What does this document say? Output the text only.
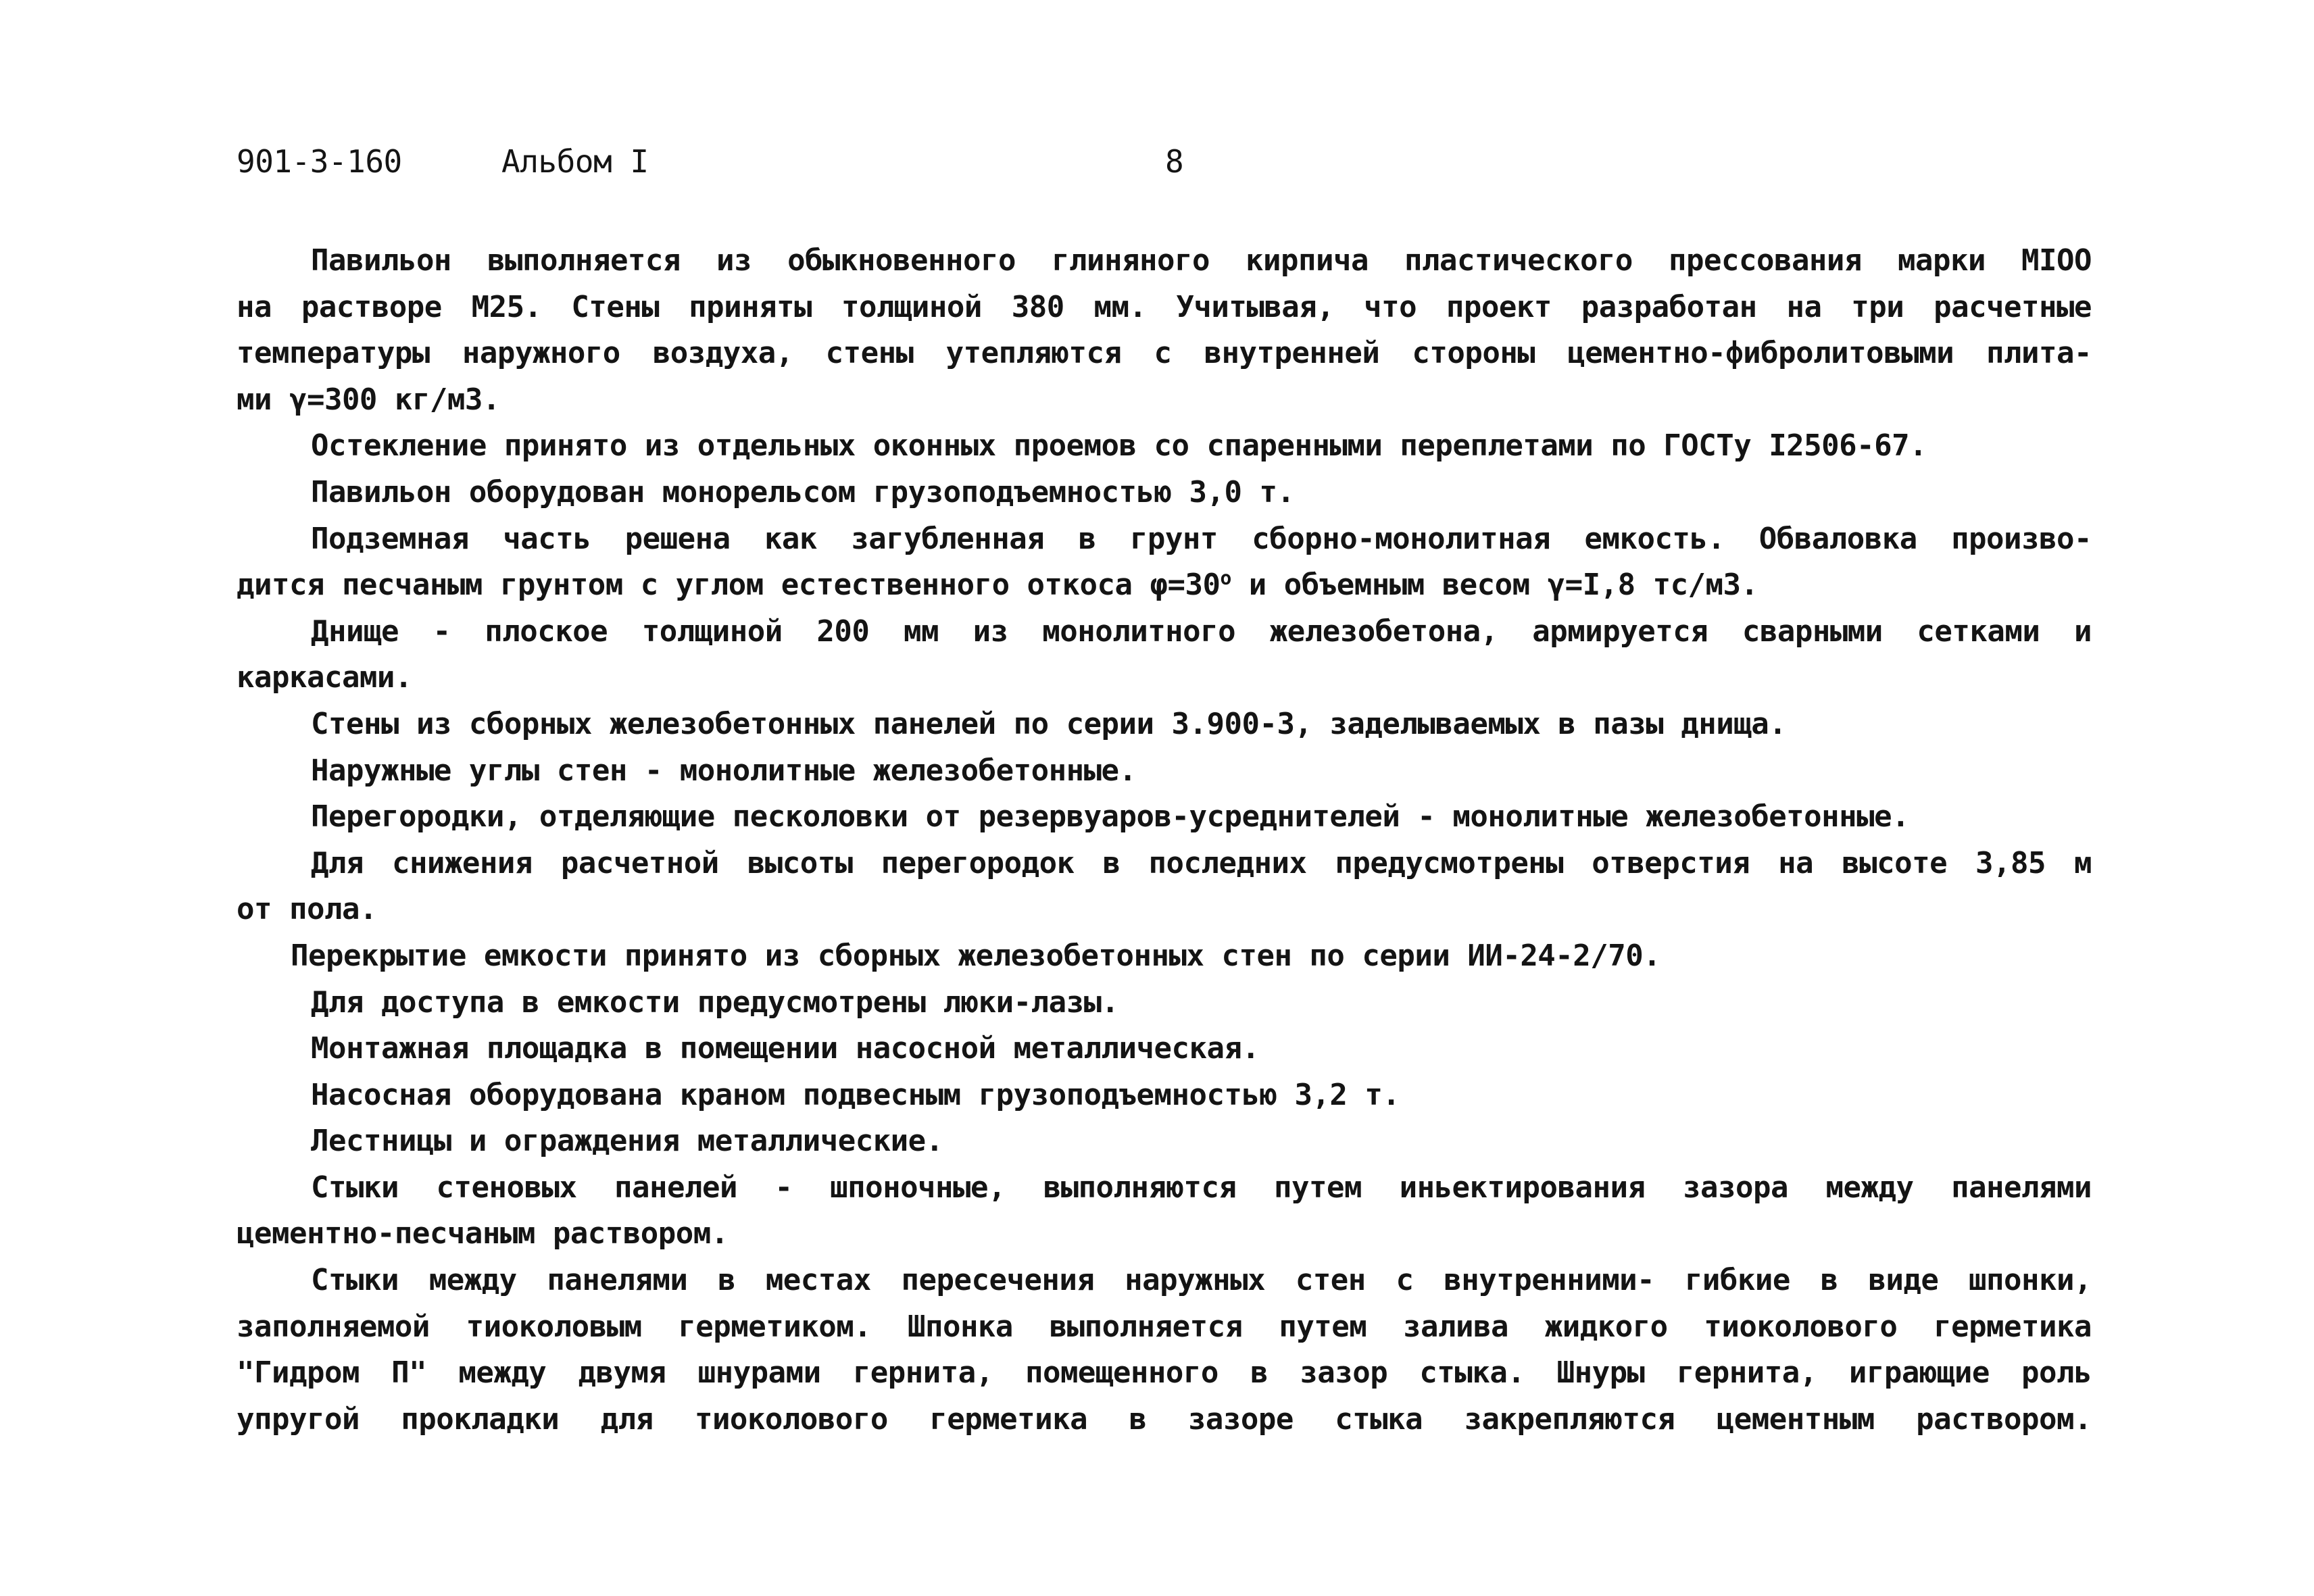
901-3-160	Альбом I	8
Павильон выполняется из обыкновенного глиняного кирпича пластического прессования марки MIOO
на растворе M25. Стены приняты толщиной 380 мм. Учитывая, что проект разработан на три расчетные
температуры наружного воздуха, стены утепляются с внутренней стороны цементно-фибролитовыми плита-
ми γ=300 кг/м3.
Остекление принято из отдельных оконных проемов со спаренными переплетами по ГОСТу I2506-67.
Павильон оборудован монорельсом грузоподъемностью 3,0 т.
Подземная часть решена как загубленная в грунт сборно-монолитная емкость. Обваловка произво-
дится песчаным грунтом с углом естественного откоса $\varphi=30^о$ и объемным весом γ=I,8 тс/м3.
Днище - плоское толщиной 200 мм из монолитного железобетона, армируется сварными сетками и
каркасами.
Стены из сборных железобетонных панелей по серии 3.900-3, заделываемых в пазы днища.
Наружные углы стен - монолитные железобетонные.
Перегородки, отделяющие песколовки от резервуаров-усреднителей - монолитные железобетонные.
Для снижения расчетной высоты перегородок в последних предусмотрены отверстия на высоте 3,85 м
от пола.
Перекрытие емкости принято из сборных железобетонных стен по серии ИИ-24-2/70.
Для доступа в емкости предусмотрены люки-лазы.
Монтажная площадка в помещении насосной металлическая.
Насосная оборудована краном подвесным грузоподъемностью 3,2 т.
Лестницы и ограждения металлические.
Стыки стеновых панелей - шпоночные, выполняются путем иньектирования зазора между панелями
цементно-песчаным раствором.
Стыки между панелями в местах пересечения наружных стен с внутренними- гибкие в виде шпонки,
заполняемой тиоколовым герметиком. Шпонка выполняется путем залива жидкого тиоколового герметика
"Гидром П" между двумя шнурами гернита, помещенного в зазор стыка. Шнуры гернита, играющие роль
упругой прокладки для тиоколового герметика в зазоре стыка закрепляются цементным раствором.
